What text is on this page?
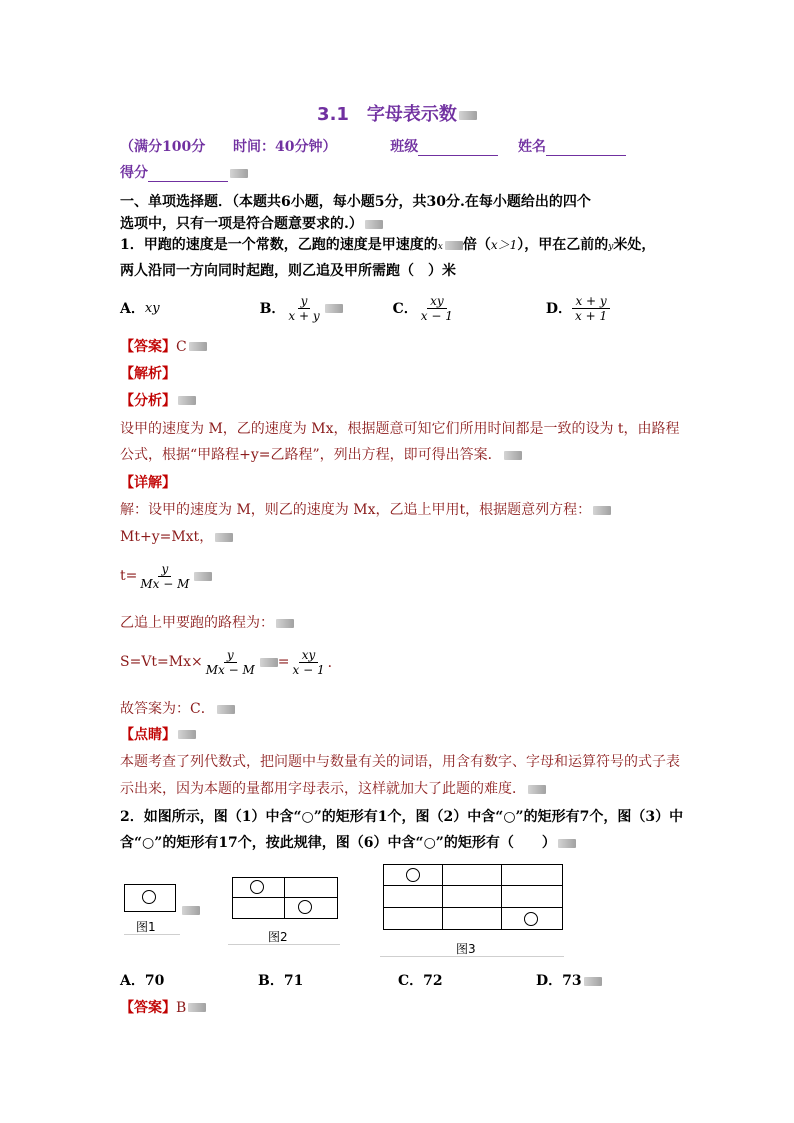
3.1　字母表示数
（满分100分 时间：40分钟）	班级	姓名
得分
一、单项选择题．（本题共6小题，每小题5分，共30分.在每小题给出的四个
选项中，只有一项是符合题意要求的.）
1．甲跑的速度是一个常数，乙跑的速度是甲速度的x 倍（x＞1），甲在乙前的y米处，
两人沿同一方向同时起跑，则乙追及甲所需跑（　）米
A． xy	B． $\frac{y}{x + y}$	C． $\frac{xy}{x - 1}$	D． $\frac{x + y}{x + 1}$
【答案】C
【解析】
【分析】
设甲的速度为 M，乙的速度为 Mx，根据题意可知它们所用时间都是一致的设为 t，由路程
公式，根据“甲路程+y=乙路程”，列出方程，即可得出答案．
【详解】
解：设甲的速度为 M，则乙的速度为 Mx，乙追上甲用t，根据题意列方程：
Mt+y=Mxt，
$t= \frac{y}{Mx - M}$
乙追上甲要跑的路程为：
$S=Vt=Mx\times \frac{y}{Mx - M} = \frac{xy}{x - 1}$ ．
故答案为：C．
【点睛】
本题考查了列代数式，把问题中与数量有关的词语，用含有数字、字母和运算符号的式子表
示出来，因为本题的量都用字母表示，这样就加大了此题的难度．
2．如图所示，图（1）中含“○”的矩形有1个，图（2）中含“○”的矩形有7个，图（3）中
含“○”的矩形有17个，按此规律，图（6）中含“○”的矩形有（　　）
图1
图2
图3
A．70	B．71	C．72	D．73
【答案】B
